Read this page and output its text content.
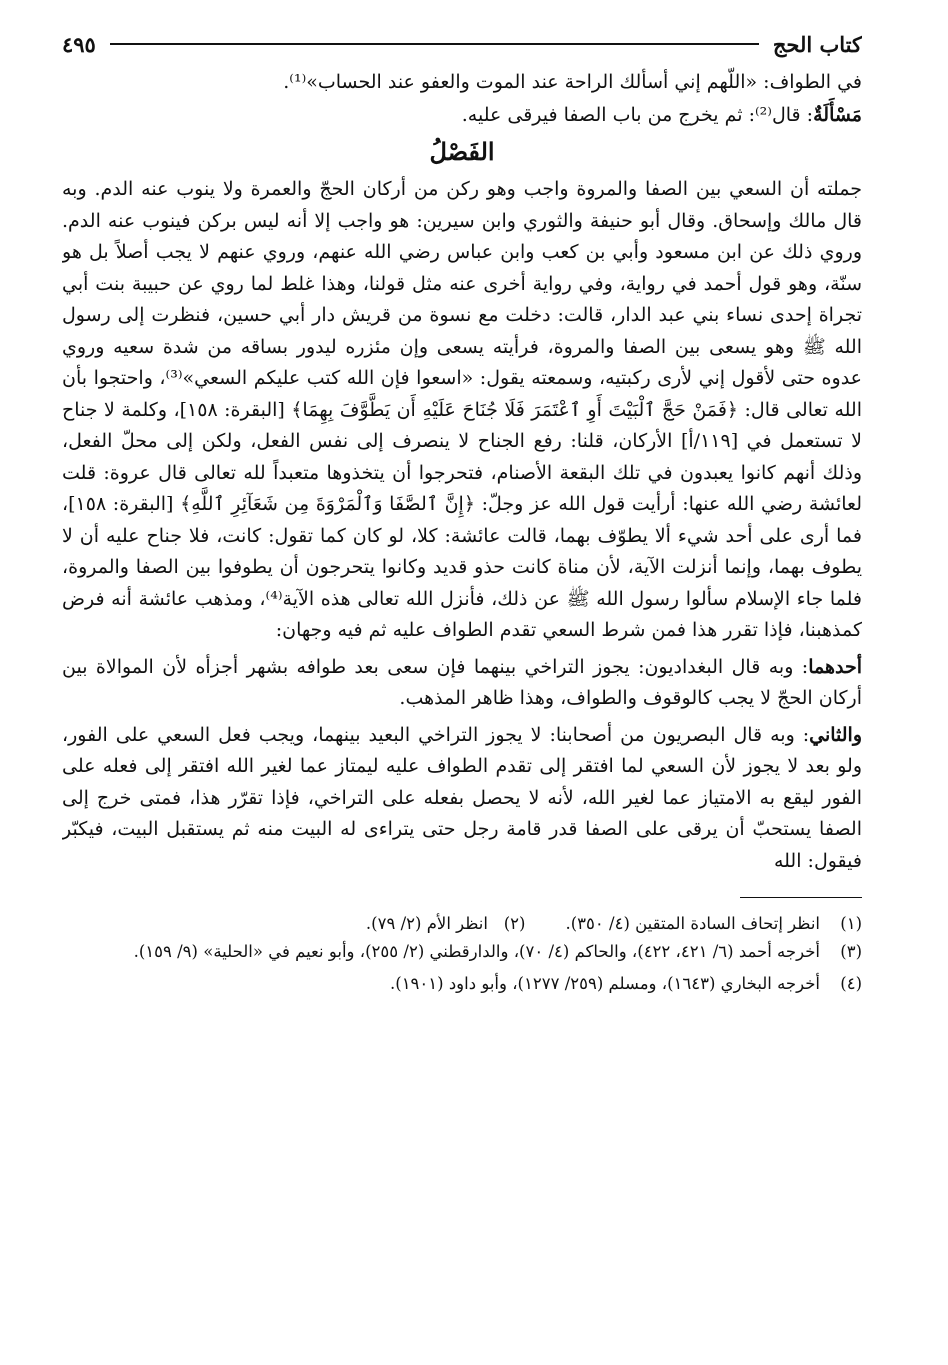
كتاب الحج
٤٩٥

في الطواف: «اللّهم إني أسألك الراحة عند الموت والعفو عند الحساب»⁽¹⁾.

مَسْأَلَةٌ: قال⁽²⁾: ثم يخرج من باب الصفا فيرقى عليه.

الفَصْلُ

جملته أن السعي بين الصفا والمروة واجب وهو ركن من أركان الحجّ والعمرة ولا ينوب عنه الدم. وبه قال مالك وإسحاق. وقال أبو حنيفة والثوري وابن سيرين: هو واجب إلا أنه ليس بركن فينوب عنه الدم. وروي ذلك عن ابن مسعود وأبي بن كعب وابن عباس رضي الله عنهم، وروي عنهم لا يجب أصلاً بل هو سنّة، وهو قول أحمد في رواية، وفي رواية أخرى عنه مثل قولنا، وهذا غلط لما روي عن حبيبة بنت أبي تجراة إحدى نساء بني عبد الدار، قالت: دخلت مع نسوة من قريش دار أبي حسين، فنظرت إلى رسول الله ﷺ وهو يسعى بين الصفا والمروة، فرأيته يسعى وإن مئزره ليدور بساقه من شدة سعيه وروي عدوه حتى لأقول إني لأرى ركبتيه، وسمعته يقول: «اسعوا فإن الله كتب عليكم السعي»⁽³⁾، واحتجوا بأن الله تعالى قال: ﴿فَمَنْ حَجَّ ٱلْبَيْتَ أَوِ ٱعْتَمَرَ فَلَا جُنَاحَ عَلَيْهِ أَن يَطَّوَّفَ بِهِمَا﴾ [البقرة: ١٥٨]، وكلمة لا جناح لا تستعمل في [١١٩/أ] الأركان، قلنا: رفع الجناح لا ينصرف إلى نفس الفعل، ولكن إلى محلّ الفعل، وذلك أنهم كانوا يعبدون في تلك البقعة الأصنام، فتحرجوا أن يتخذوها متعبداً لله تعالى قال عروة: قلت لعائشة رضي الله عنها: أرأيت قول الله عز وجلّ: ﴿إِنَّ ٱلصَّفَا وَٱلْمَرْوَةَ مِن شَعَآئِرِ ٱللَّهِ﴾ [البقرة: ١٥٨]، فما أرى على أحد شيء ألا يطوّف بهما، قالت عائشة: كلا، لو كان كما تقول: كانت، فلا جناح عليه أن لا يطوف بهما، وإنما أنزلت الآية، لأن مناة كانت حذو قديد وكانوا يتحرجون أن يطوفوا بين الصفا والمروة، فلما جاء الإسلام سألوا رسول الله ﷺ عن ذلك، فأنزل الله تعالى هذه الآية⁽⁴⁾، ومذهب عائشة أنه فرض كمذهبنا، فإذا تقرر هذا فمن شرط السعي تقدم الطواف عليه ثم فيه وجهان:

أحدهما: وبه قال البغداديون: يجوز التراخي بينهما فإن سعى بعد طوافه بشهر أجزأه لأن الموالاة بين أركان الحجّ لا يجب كالوقوف والطواف، وهذا ظاهر المذهب.

والثاني: وبه قال البصريون من أصحابنا: لا يجوز التراخي البعيد بينهما، ويجب فعل السعي على الفور، ولو بعد لا يجوز لأن السعي لما افتقر إلى تقدم الطواف عليه ليمتاز عما لغير الله افتقر إلى فعله على الفور ليقع به الامتياز عما لغير الله، لأنه لا يحصل بفعله على التراخي، فإذا تقرّر هذا، فمتى خرج إلى الصفا يستحبّ أن يرقى على الصفا قدر قامة رجل حتى يتراءى له البيت منه ثم يستقبل البيت، فيكبّر فيقول: الله

(١)
انظر إتحاف السادة المتقين (٤/ ٣٥٠).(٢)   انظر الأم (٢/ ٧٩).
(٣)
أخرجه أحمد (٦/ ٤٢١، ٤٢٢)، والحاكم (٤/ ٧٠)، والدارقطني (٢/ ٢٥٥)، وأبو نعيم في «الحلية» (٩/ ١٥٩).
(٤)
أخرجه البخاري (١٦٤٣)، ومسلم (٢٥٩/ ١٢٧٧)، وأبو داود (١٩٠١).
